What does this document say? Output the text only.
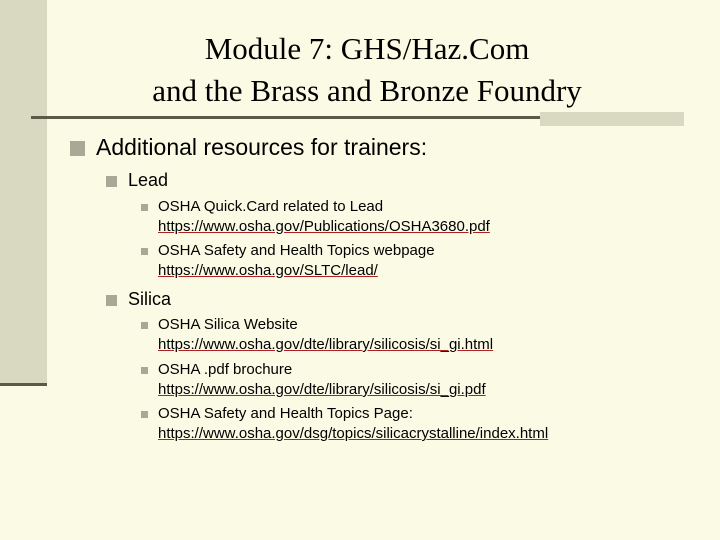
Module 7: GHS/Haz.Com
and the Brass and Bronze Foundry
Additional resources for trainers:
Lead
OSHA Quick.Card related to Lead
https://www.osha.gov/Publications/OSHA3680.pdf
OSHA Safety and Health Topics webpage
https://www.osha.gov/SLTC/lead/
Silica
OSHA Silica Website
https://www.osha.gov/dte/library/silicosis/si_gi.html
OSHA .pdf brochure
https://www.osha.gov/dte/library/silicosis/si_gi.pdf
OSHA Safety and Health Topics Page:
https://www.osha.gov/dsg/topics/silicacrystalline/index.html
